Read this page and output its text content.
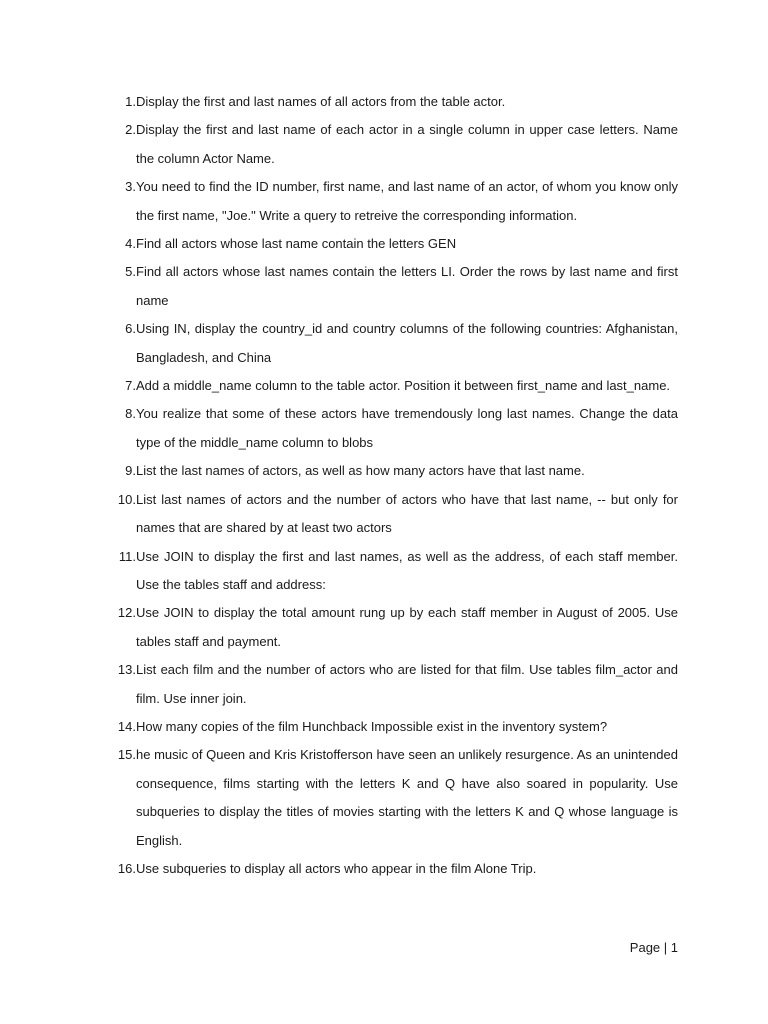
1. Display the first and last names of all actors from the table actor.
2. Display the first and last name of each actor in a single column in upper case letters. Name the column Actor Name.
3. You need to find the ID number, first name, and last name of an actor, of whom you know only the first name, "Joe." Write a query to retreive the corresponding information.
4. Find all actors whose last name contain the letters GEN
5. Find all actors whose last names contain the letters LI. Order the rows by last name and first name
6. Using IN, display the country_id and country columns of the following countries: Afghanistan, Bangladesh, and China
7. Add a middle_name column to the table actor. Position it between first_name and last_name.
8. You realize that some of these actors have tremendously long last names. Change the data type of the middle_name column to blobs
9. List the last names of actors, as well as how many actors have that last name.
10. List last names of actors and the number of actors who have that last name, -- but only for names that are shared by at least two actors
11. Use JOIN to display the first and last names, as well as the address, of each staff member. Use the tables staff and address:
12. Use JOIN to display the total amount rung up by each staff member in August of 2005. Use tables staff and payment.
13. List each film and the number of actors who are listed for that film. Use tables film_actor and film. Use inner join.
14. How many copies of the film Hunchback Impossible exist in the inventory system?
15. he music of Queen and Kris Kristofferson have seen an unlikely resurgence. As an unintended consequence, films starting with the letters K and Q have also soared in popularity. Use subqueries to display the titles of movies starting with the letters K and Q whose language is English.
16. Use subqueries to display all actors who appear in the film Alone Trip.
Page | 1
